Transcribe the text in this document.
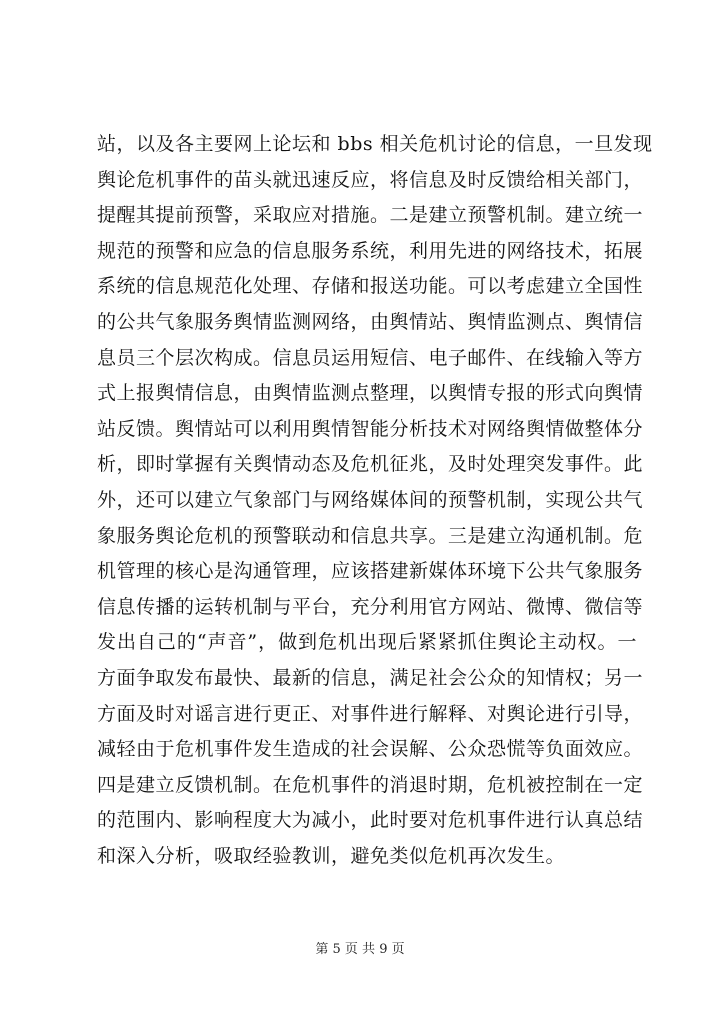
站，以及各主要网上论坛和 bbs 相关危机讨论的信息，一旦发现
舆论危机事件的苗头就迅速反应，将信息及时反馈给相关部门，
提醒其提前预警，采取应对措施。二是建立预警机制。建立统一
规范的预警和应急的信息服务系统，利用先进的网络技术，拓展
系统的信息规范化处理、存储和报送功能。可以考虑建立全国性
的公共气象服务舆情监测网络，由舆情站、舆情监测点、舆情信
息员三个层次构成。信息员运用短信、电子邮件、在线输入等方
式上报舆情信息，由舆情监测点整理，以舆情专报的形式向舆情
站反馈。舆情站可以利用舆情智能分析技术对网络舆情做整体分
析，即时掌握有关舆情动态及危机征兆，及时处理突发事件。此
外，还可以建立气象部门与网络媒体间的预警机制，实现公共气
象服务舆论危机的预警联动和信息共享。三是建立沟通机制。危
机管理的核心是沟通管理，应该搭建新媒体环境下公共气象服务
信息传播的运转机制与平台，充分利用官方网站、微博、微信等
发出自己的“声音”，做到危机出现后紧紧抓住舆论主动权。一
方面争取发布最快、最新的信息，满足社会公众的知情权；另一
方面及时对谣言进行更正、对事件进行解释、对舆论进行引导，
减轻由于危机事件发生造成的社会误解、公众恐慌等负面效应。
四是建立反馈机制。在危机事件的消退时期，危机被控制在一定
的范围内、影响程度大为减小，此时要对危机事件进行认真总结
和深入分析，吸取经验教训，避免类似危机再次发生。
第 5 页 共 9 页
